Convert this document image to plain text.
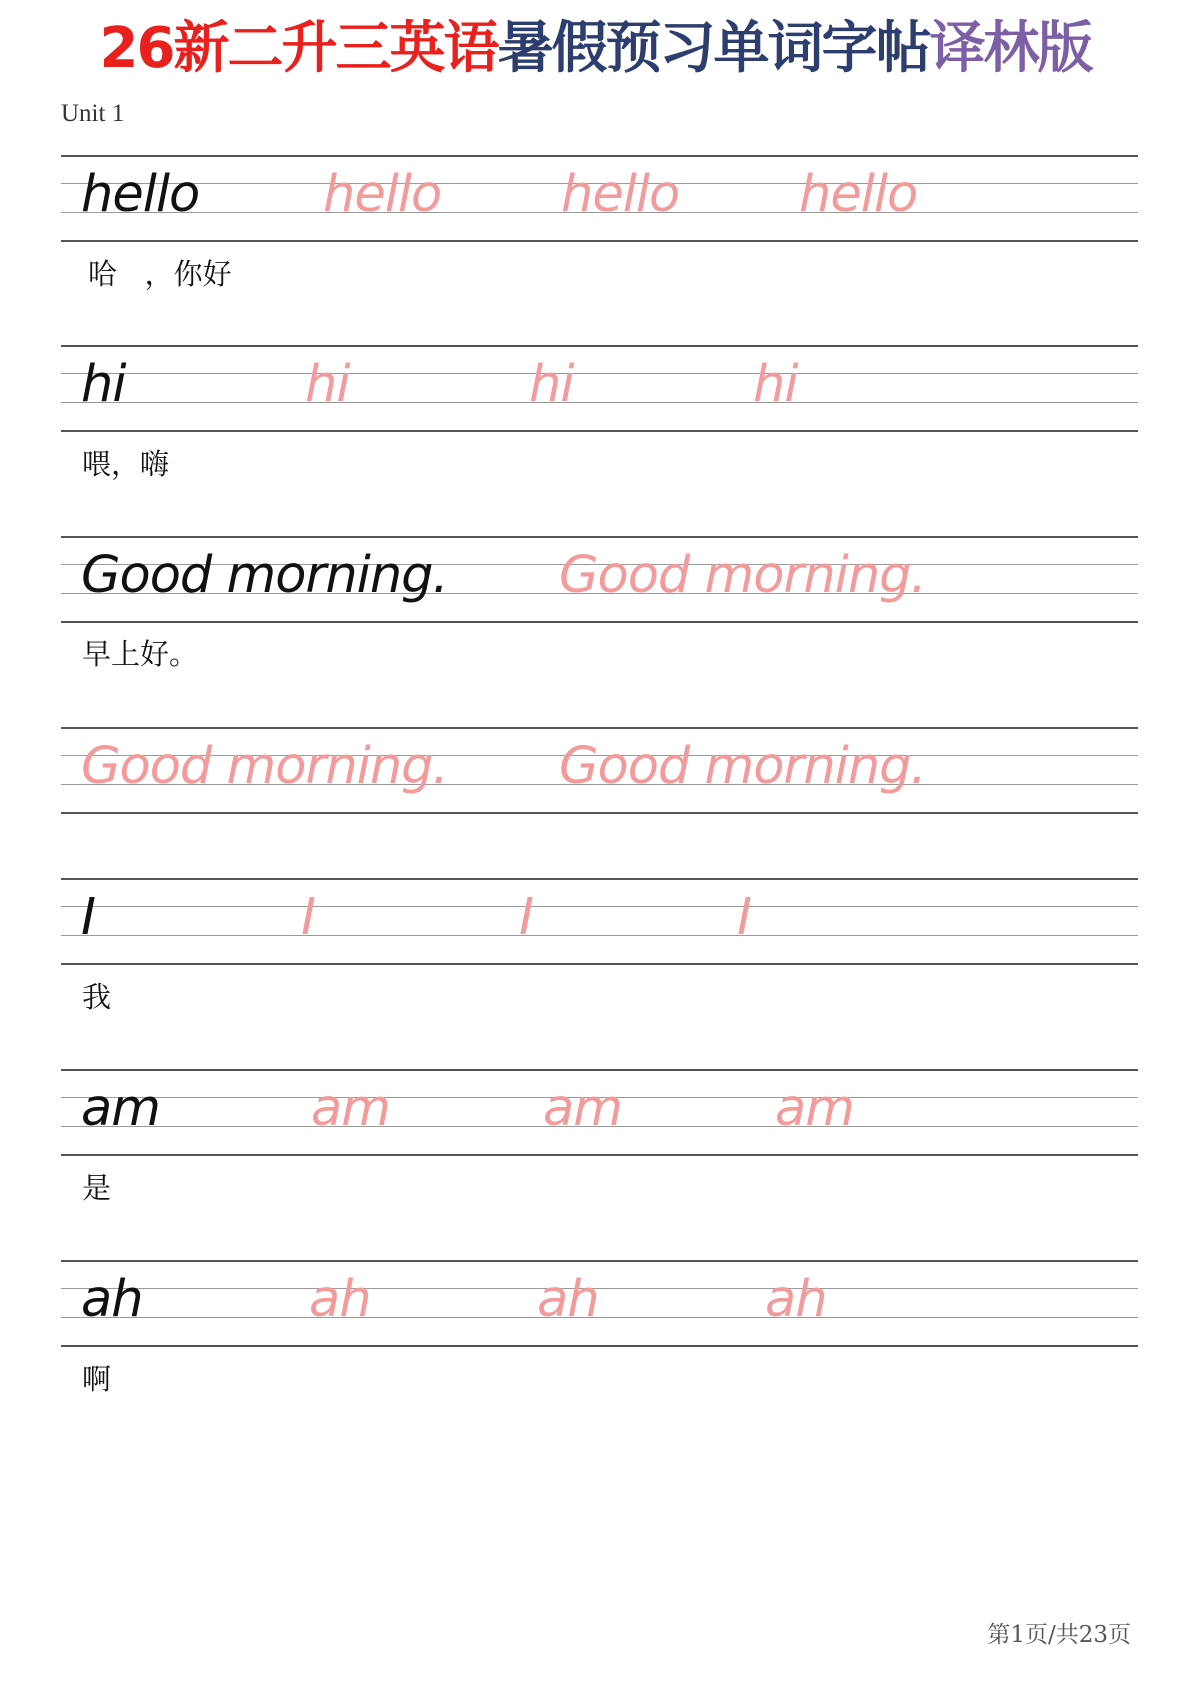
26新二升三英语暑假预习单词字帖译林版
Unit 1
hello hello hello hello
哈   ，你好
hi	hi	hi	hi
喂，嗨
Good morning. Good morning.
早上好。
Good morning. Good morning.
I	I	I	I
我
am	am	am	am
是
ah	ah	ah	ah
啊
第1页/共23页
